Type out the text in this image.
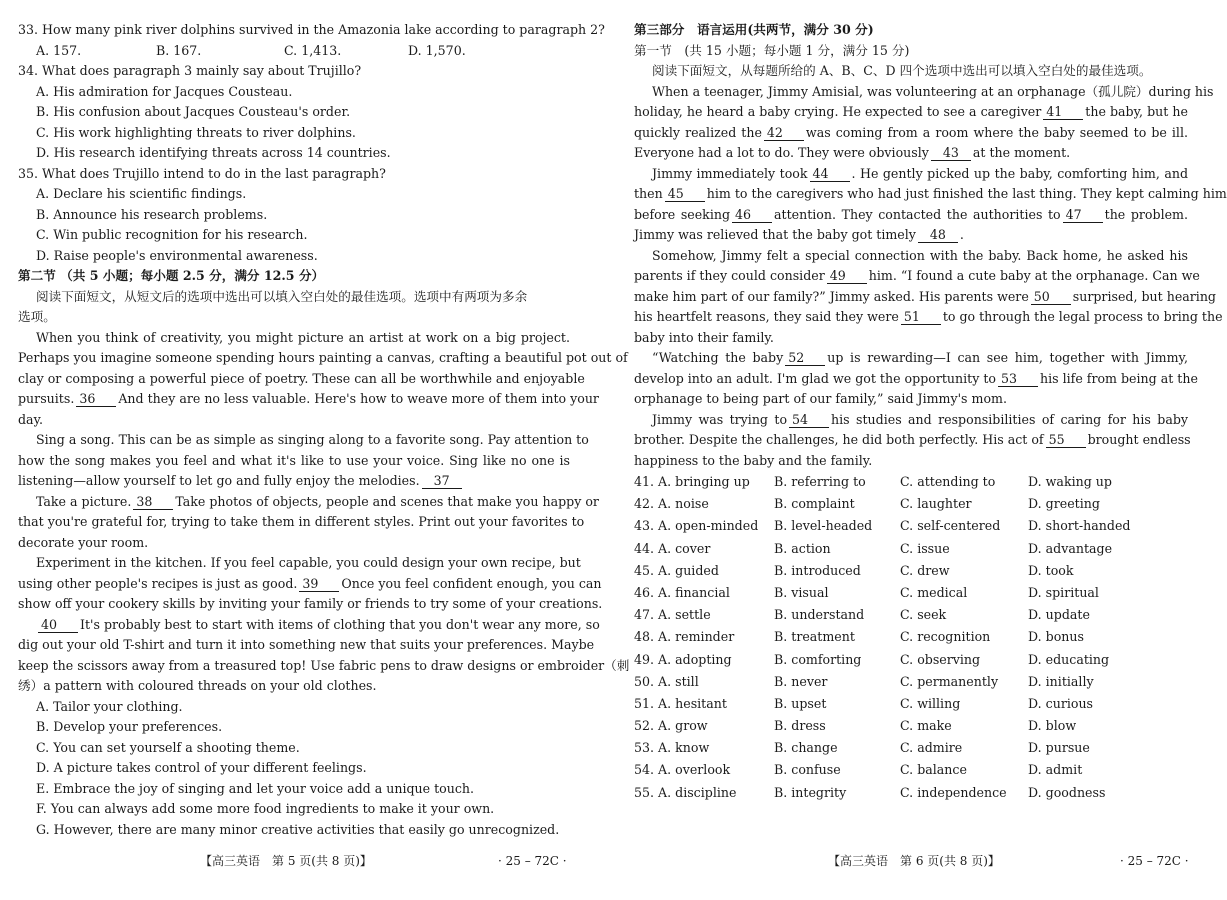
33. How many pink river dolphins survived in the Amazonia lake according to paragraph 2?
A. 157.	B. 167.	C. 1,413.	D. 1,570.
34. What does paragraph 3 mainly say about Trujillo?
A. His admiration for Jacques Cousteau.
B. His confusion about Jacques Cousteau's order.
C. His work highlighting threats to river dolphins.
D. His research identifying threats across 14 countries.
35. What does Trujillo intend to do in the last paragraph?
A. Declare his scientific findings.
B. Announce his research problems.
C. Win public recognition for his research.
D. Raise people's environmental awareness.
第二节 （共 5 小题；每小题 2.5 分，满分 12.5 分）
阅读下面短文，从短文后的选项中选出可以填入空白处的最佳选项。选项中有两项为多余
选项。
When you think of creativity, you might picture an artist at work on a big project.
Perhaps you imagine someone spending hours painting a canvas, crafting a beautiful pot out of
clay or composing a powerful piece of poetry. These can all be worthwhile and enjoyable
pursuits. 36 And they are no less valuable. Here's how to weave more of them into your
day.
Sing a song. This can be as simple as singing along to a favorite song. Pay attention to
how the song makes you feel and what it's like to use your voice. Sing like no one is
listening—allow yourself to let go and fully enjoy the melodies. 37
Take a picture. 38 Take photos of objects, people and scenes that make you happy or
that you're grateful for, trying to take them in different styles. Print out your favorites to
decorate your room.
Experiment in the kitchen. If you feel capable, you could design your own recipe, but
using other people's recipes is just as good. 39 Once you feel confident enough, you can
show off your cookery skills by inviting your family or friends to try some of your creations.
40 It's probably best to start with items of clothing that you don't wear any more, so
dig out your old T-shirt and turn it into something new that suits your preferences. Maybe
keep the scissors away from a treasured top! Use fabric pens to draw designs or embroider（刺
绣）a pattern with coloured threads on your old clothes.
A. Tailor your clothing.
B. Develop your preferences.
C. You can set yourself a shooting theme.
D. A picture takes control of your different feelings.
E. Embrace the joy of singing and let your voice add a unique touch.
F. You can always add some more food ingredients to make it your own.
G. However, there are many minor creative activities that easily go unrecognized.
【高三英语　第 5 页(共 8 页)】	· 25 – 72C ·
第三部分　语言运用(共两节，满分 30 分)
第一节　(共 15 小题；每小题 1 分，满分 15 分)
阅读下面短文，从每题所给的 A、B、C、D 四个选项中选出可以填入空白处的最佳选项。
When a teenager, Jimmy Amisial, was volunteering at an orphanage（孤儿院）during his
holiday, he heard a baby crying. He expected to see a caregiver 41 the baby, but he
quickly realized the 42 was coming from a room where the baby seemed to be ill.
Everyone had a lot to do. They were obviously 43 at the moment.
Jimmy immediately took 44 . He gently picked up the baby, comforting him, and
then 45 him to the caregivers who had just finished the last thing. They kept calming him
before seeking 46 attention. They contacted the authorities to 47 the problem.
Jimmy was relieved that the baby got timely 48 .
Somehow, Jimmy felt a special connection with the baby. Back home, he asked his
parents if they could consider 49 him. “I found a cute baby at the orphanage. Can we
make him part of our family?” Jimmy asked. His parents were 50 surprised, but hearing
his heartfelt reasons, they said they were 51 to go through the legal process to bring the
baby into their family.
“Watching the baby 52 up is rewarding—I can see him, together with Jimmy,
develop into an adult. I'm glad we got the opportunity to 53 his life from being at the
orphanage to being part of our family,” said Jimmy's mom.
Jimmy was trying to 54 his studies and responsibilities of caring for his baby
brother. Despite the challenges, he did both perfectly. His act of 55 brought endless
happiness to the baby and the family.
41. A. bringing up	B. referring to	C. attending to	D. waking up
42. A. noise	B. complaint	C. laughter	D. greeting
43. A. open-minded	B. level-headed	C. self-centered	D. short-handed
44. A. cover	B. action	C. issue	D. advantage
45. A. guided	B. introduced	C. drew	D. took
46. A. financial	B. visual	C. medical	D. spiritual
47. A. settle	B. understand	C. seek	D. update
48. A. reminder	B. treatment	C. recognition	D. bonus
49. A. adopting	B. comforting	C. observing	D. educating
50. A. still	B. never	C. permanently	D. initially
51. A. hesitant	B. upset	C. willing	D. curious
52. A. grow	B. dress	C. make	D. blow
53. A. know	B. change	C. admire	D. pursue
54. A. overlook	B. confuse	C. balance	D. admit
55. A. discipline	B. integrity	C. independence	D. goodness
【高三英语　第 6 页(共 8 页)】	· 25 – 72C ·
